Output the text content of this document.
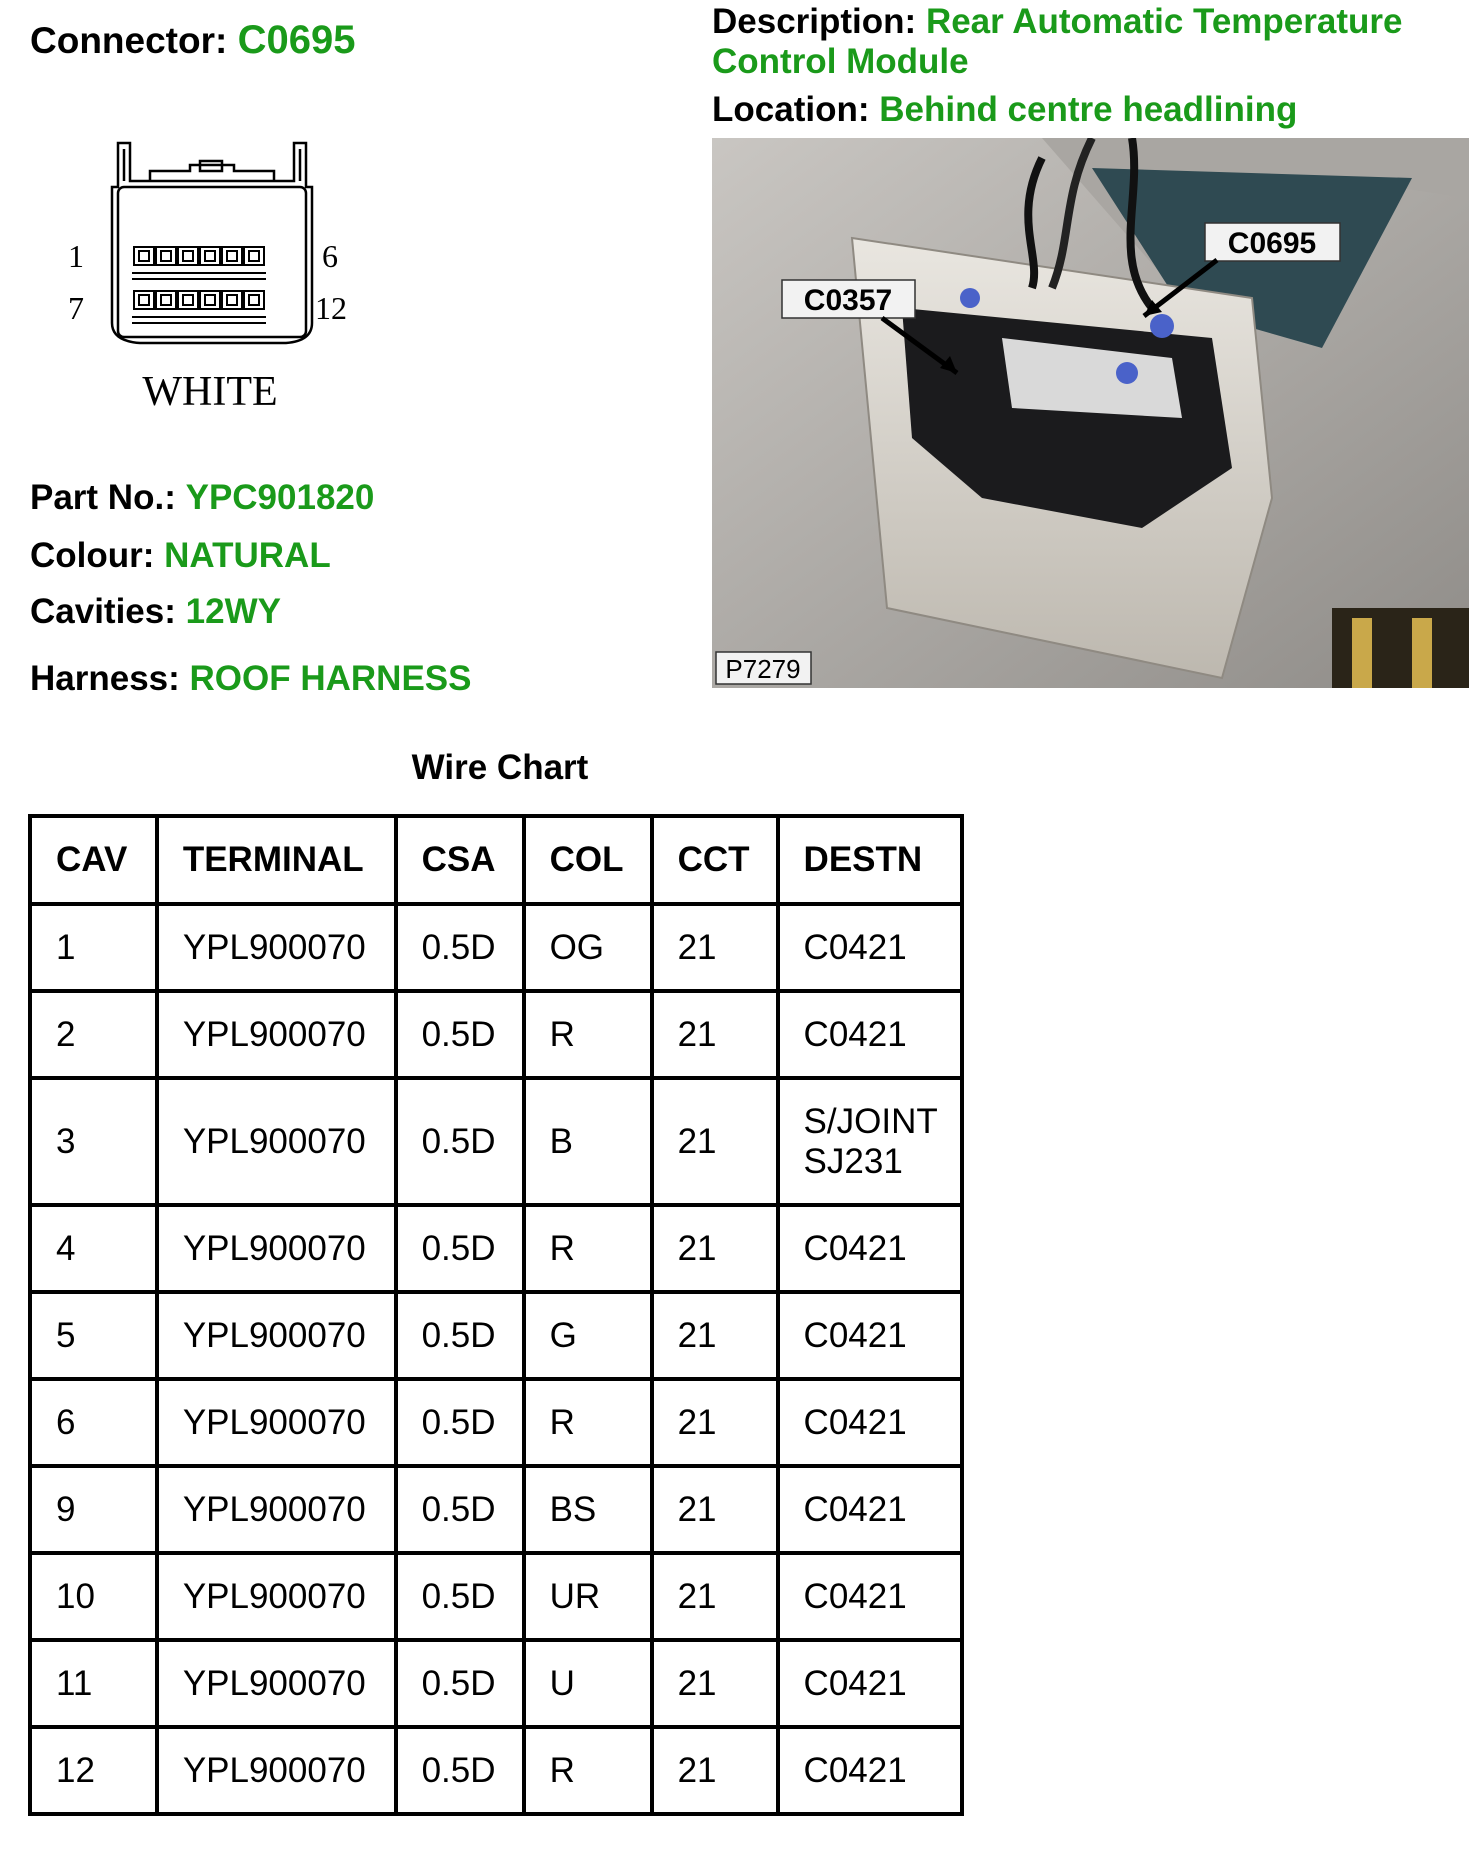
Connector: C0695	Description: Rear Automatic Temperature Control Module
Location: Behind centre headlining
1
7
6
12
WHITE
C0357
C0695
P7279
Part No.: YPC901820
Colour: NATURAL
Cavities: 12WY
Harness: ROOF HARNESS
Wire Chart
CAV	TERMINAL	CSA	COL	CCT	DESTN
1	YPL900070	0.5D	OG	21	C0421

2	YPL900070	0.5D	R	21	C0421

3	YPL900070	0.5D	B	21	S/JOINT
SJ231

4	YPL900070	0.5D	R	21	C0421

5	YPL900070	0.5D	G	21	C0421

6	YPL900070	0.5D	R	21	C0421

9	YPL900070	0.5D	BS	21	C0421

10	YPL900070	0.5D	UR	21	C0421

11	YPL900070	0.5D	U	21	C0421

12	YPL900070	0.5D	R	21	C0421
